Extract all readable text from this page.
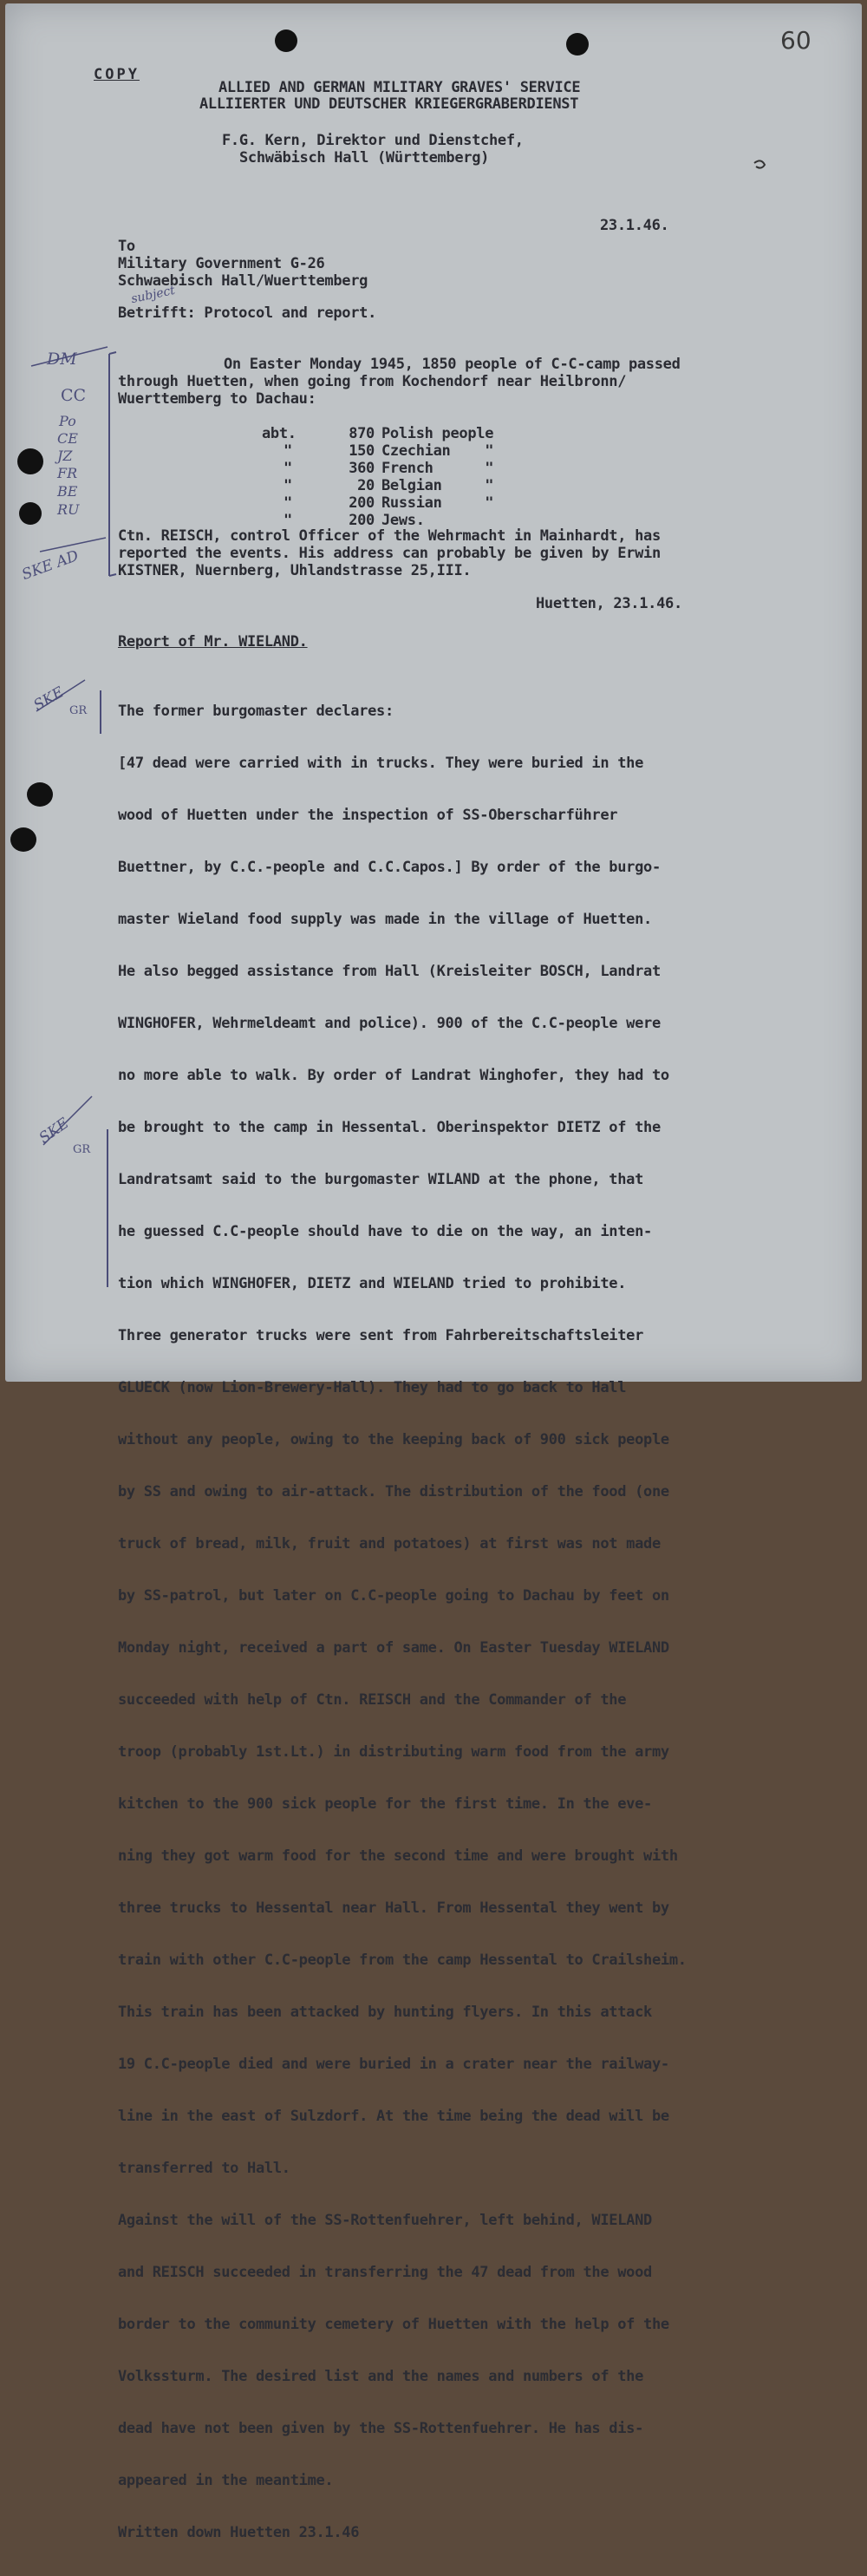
60
COPY
ALLIED AND GERMAN MILITARY GRAVES' SERVICE
ALLIIERTER UND DEUTSCHER KRIEGERGRABERDIENST
F.G. Kern, Direktor und Dienstchef,
Schwäbisch Hall (Württemberg)
23.1.46.
To
Military Government G-26
Schwaebisch Hall/Wuerttemberg
subject
Betrifft: Protocol and report.
On Easter Monday 1945, 1850 people of C-C-camp passed
through Huetten, when going from Kochendorf near Heilbronn/
Wuerttemberg to Dachau:
abt.	870 Polish people
"	150 Czechian    "
"	360 French      "
"	20 Belgian     "
"	200 Russian     "
"	200 Jews.
Ctn. REISCH, control Officer of the Wehrmacht in Mainhardt, has
reported the events. His address can probably be given by Erwin
KISTNER, Nuernberg, Uhlandstrasse 25,III.
Huetten, 23.1.46.
Report of Mr. WIELAND.

The former burgomaster declares:

[47 dead were carried with in trucks. They were buried in the

wood of Huetten under the inspection of SS-Oberscharführer

Buettner, by C.C.-people and C.C.Capos.] By order of the burgo-

master Wieland food supply was made in the village of Huetten.

He also begged assistance from Hall (Kreisleiter BOSCH, Landrat

WINGHOFER, Wehrmeldeamt and police). 900 of the C.C-people were

no more able to walk. By order of Landrat Winghofer, they had to

be brought to the camp in Hessental. Oberinspektor DIETZ of the

Landratsamt said to the burgomaster WILAND at the phone, that

he guessed C.C-people should have to die on the way, an inten-

tion which WINGHOFER, DIETZ and WIELAND tried to prohibite.

Three generator trucks were sent from Fahrbereitschaftsleiter

GLUECK (now Lion-Brewery-Hall). They had to go back to Hall

without any people, owing to the keeping back of 900 sick people

by SS and owing to air-attack. The distribution of the food (one

truck of bread, milk, fruit and potatoes) at first was not made

by SS-patrol, but later on C.C-people going to Dachau by feet on

Monday night, received a part of same. On Easter Tuesday WIELAND

succeeded with help of Ctn. REISCH and the Commander of the

troop (probably 1st.Lt.) in distributing warm food from the army

kitchen to the 900 sick people for the first time. In the eve-

ning they got warm food for the second time and were brought with

three trucks to Hessental near Hall. From Hessental they went by

train with other C.C-people from the camp Hessental to Crailsheim.

This train has been attacked by hunting flyers. In this attack

19 C.C-people died and were buried in a crater near the railway-

line in the east of Sulzdorf. At the time being the dead will be

transferred to Hall.

Against the will of the SS-Rottenfuehrer, left behind, WIELAND

and REISCH succeeded in transferring the 47 dead from the wood

border to the community cemetery of Huetten with the help of the

Volkssturm. The desired list and the names and numbers of the

dead have not been given by the SS-Rottenfuehrer. He has dis-

appeared in the meantime.

Written down Huetten 23.1.46

DM
CC
Po
CE
JZ
FR
BE
RU
SKE AD
SKE GR
SKE
GR
